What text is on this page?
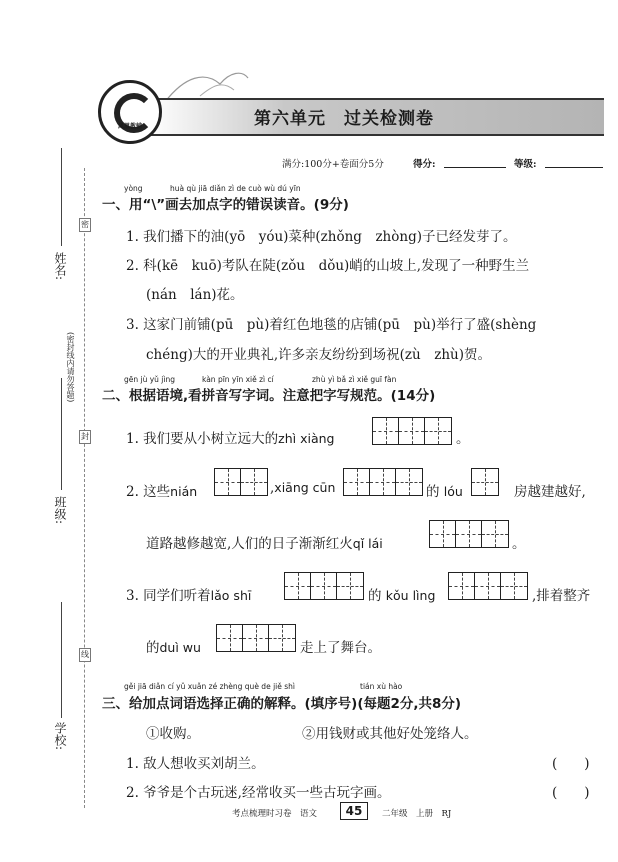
密
封
线
(密封线内请勿答题)
姓名:
班级:
学校:
凤凰教辅	第六单元　过关检测卷
满分:100分+卷面分5分	得分:	等级:
yòng	huà qù jiā diǎn zì de cuò wù dú yīn
一、用“\”画去加点字的错误读音。(9分)
1. 我们播下的油(yō　yóu)菜种(zhǒng　zhòng)子已经发芽了。
2. 科(kē　kuō)考队在陡(zǒu　dǒu)峭的山坡上,发现了一种野生兰
(nán　lán)花。
3. 这家门前铺(pū　pù)着红色地毯的店铺(pū　pù)举行了盛(shèng
chéng)大的开业典礼,许多亲友纷纷到场祝(zù　zhù)贺。
gēn jù yǔ jìng	kàn pīn yīn xiě zì cí	zhù yì bǎ zì xiě guī fàn
二、根据语境,看拼音写字词。注意把字写规范。(14分)
1. 我们要从小树立远大的zhì xiàng	。
2. 这些nián	,xiāng cūn	的 lóu	房越建越好,
道路越修越宽,人们的日子渐渐红火qǐ lái	。
3. 同学们听着lǎo shī	的 kǒu lìng	,排着整齐
的duì wu	走上了舞台。
gěi jiā diǎn cí yǔ xuǎn zé zhèng què de jiě shì	tián xù hào
三、给加点词语选择正确的解释。(填序号)(每题2分,共8分)
①收购。	②用钱财或其他好处笼络人。
1. 敌人想收买刘胡兰。	(　　)
2. 爷爷是个古玩迷,经常收买一些古玩字画。	(　　)
考点梳理时习卷　语文	45	二年级　上册　RJ
